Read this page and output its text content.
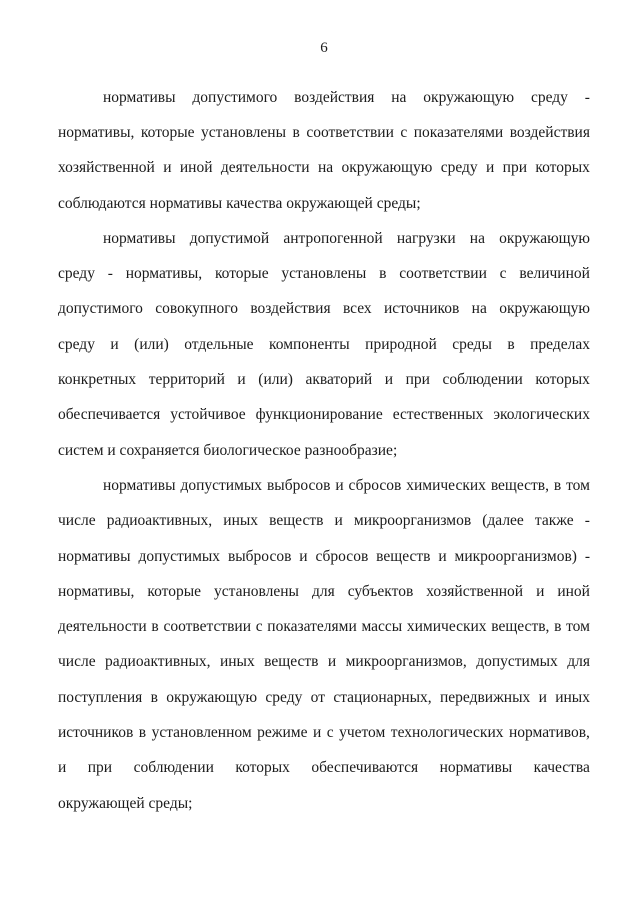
6
нормативы допустимого воздействия на окружающую среду -
нормативы, которые установлены в соответствии с показателями воздействия
хозяйственной и иной деятельности на окружающую среду и при которых
соблюдаются нормативы качества окружающей среды;
нормативы допустимой антропогенной нагрузки на окружающую
среду - нормативы, которые установлены в соответствии с величиной
допустимого совокупного воздействия всех источников на окружающую
среду и (или) отдельные компоненты природной среды в пределах
конкретных территорий и (или) акваторий и при соблюдении которых
обеспечивается устойчивое функционирование естественных экологических
систем и сохраняется биологическое разнообразие;
нормативы допустимых выбросов и сбросов химических веществ, в том
числе радиоактивных, иных веществ и микроорганизмов (далее также -
нормативы допустимых выбросов и сбросов веществ и микроорганизмов) -
нормативы, которые установлены для субъектов хозяйственной и иной
деятельности в соответствии с показателями массы химических веществ, в том
числе радиоактивных, иных веществ и микроорганизмов, допустимых для
поступления в окружающую среду от стационарных, передвижных и иных
источников в установленном режиме и с учетом технологических нормативов,
и при соблюдении которых обеспечиваются нормативы качества
окружающей среды;
